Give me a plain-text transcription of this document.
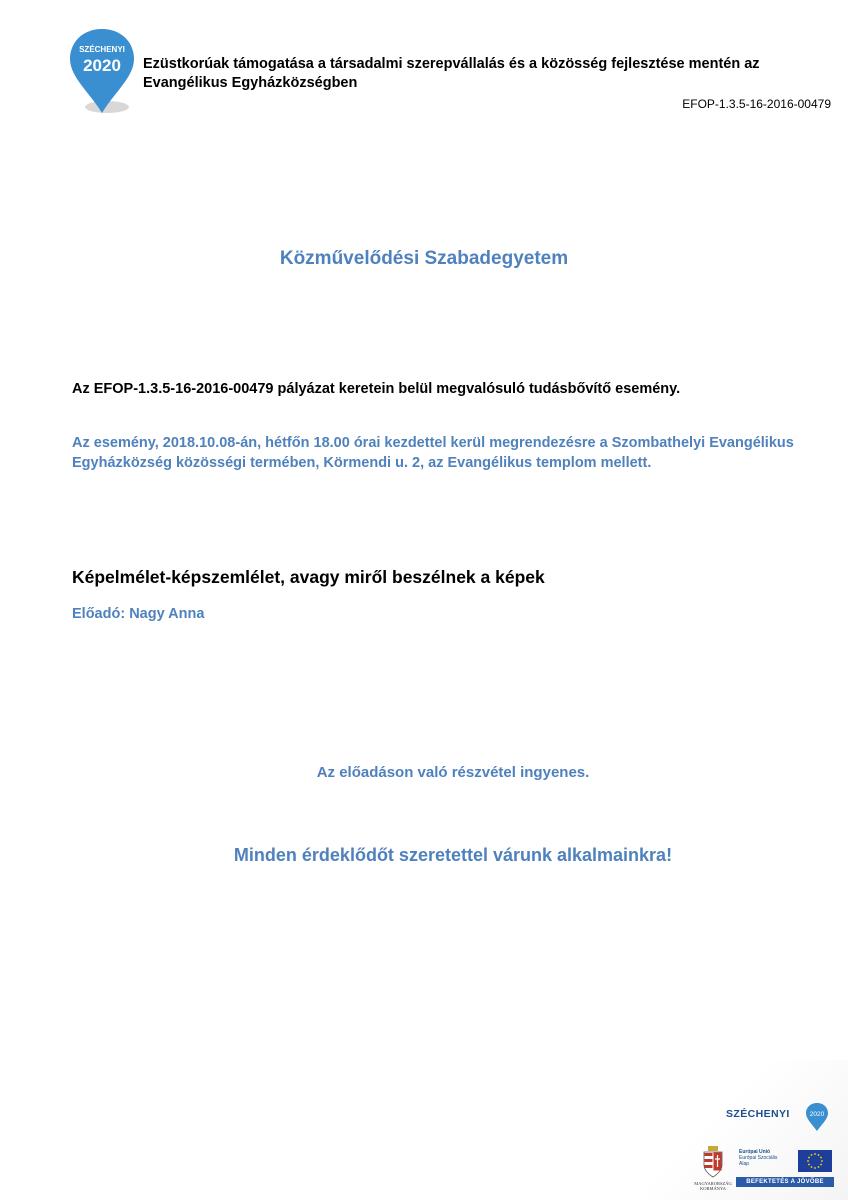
SZÉCHENYI
2020 Ezüstkorúak támogatása a társadalmi szerepvállalás és a közösség fejlesztése mentén az Evangélikus Egyházközségben
EFOP-1.3.5-16-2016-00479
Közművelődési Szabadegyetem
Az EFOP-1.3.5-16-2016-00479 pályázat keretein belül megvalósuló tudásbővítő esemény.
Az esemény, 2018.10.08-án, hétfőn 18.00 órai kezdettel kerül megrendezésre a Szombathelyi Evangélikus Egyházközség közösségi termében, Körmendi u. 2, az Evangélikus templom mellett.
Képelmélet-képszemlélet, avagy miről beszélnek a képek
Előadó: Nagy Anna
Az előadáson való részvétel ingyenes.
Minden érdeklődőt szeretettel várunk alkalmainkra!
SZÉCHENYI	2020
MAGYARORSZÁG KORMÁNYA
Európai Unió
Európai Szociális
Alap
BEFEKTETÉS A JÖVŐBE
